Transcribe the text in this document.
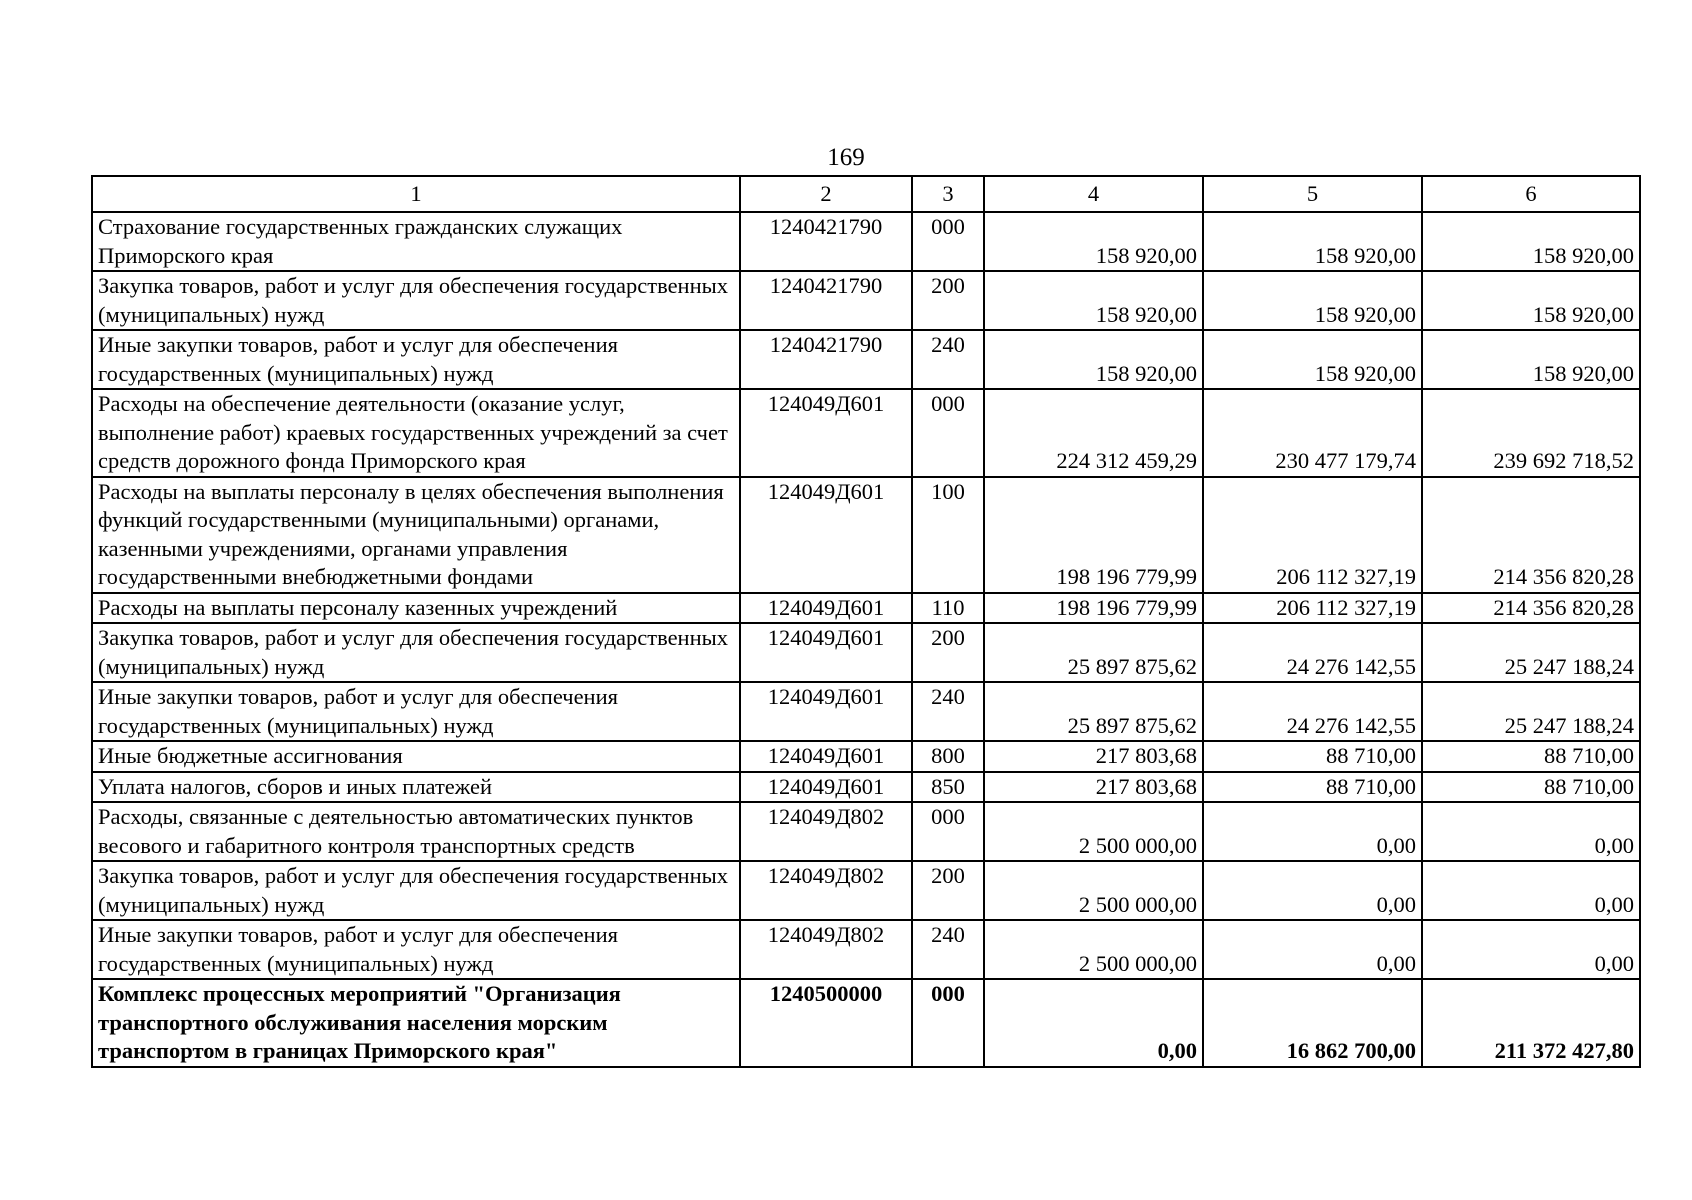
169
1	2	3	4	5	6
Страхование государственных гражданских служащих Приморского края	1240421790	000	158 920,00	158 920,00	158 920,00
Закупка товаров, работ и услуг для обеспечения государственных (муниципальных) нужд	1240421790	200	158 920,00	158 920,00	158 920,00
Иные закупки товаров, работ и услуг для обеспечения государственных (муниципальных) нужд	1240421790	240	158 920,00	158 920,00	158 920,00
Расходы на обеспечение деятельности (оказание услуг, выполнение работ) краевых государственных учреждений за счет средств дорожного фонда Приморского края	124049Д601	000	224 312 459,29	230 477 179,74	239 692 718,52
Расходы на выплаты персоналу в целях обеспечения выполнения функций государственными (муниципальными) органами, казенными учреждениями, органами управления государственными внебюджетными фондами	124049Д601	100	198 196 779,99	206 112 327,19	214 356 820,28
Расходы на выплаты персоналу казенных учреждений	124049Д601	110	198 196 779,99	206 112 327,19	214 356 820,28
Закупка товаров, работ и услуг для обеспечения государственных (муниципальных) нужд	124049Д601	200	25 897 875,62	24 276 142,55	25 247 188,24
Иные закупки товаров, работ и услуг для обеспечения государственных (муниципальных) нужд	124049Д601	240	25 897 875,62	24 276 142,55	25 247 188,24
Иные бюджетные ассигнования	124049Д601	800	217 803,68	88 710,00	88 710,00
Уплата налогов, сборов и иных платежей	124049Д601	850	217 803,68	88 710,00	88 710,00
Расходы, связанные с деятельностью автоматических пунктов весового и габаритного контроля транспортных средств	124049Д802	000	2 500 000,00	0,00	0,00
Закупка товаров, работ и услуг для обеспечения государственных (муниципальных) нужд	124049Д802	200	2 500 000,00	0,00	0,00
Иные закупки товаров, работ и услуг для обеспечения государственных (муниципальных) нужд	124049Д802	240	2 500 000,00	0,00	0,00
Комплекс процессных мероприятий "Организация транспортного обслуживания населения морским транспортом в границах Приморского края"	1240500000	000	0,00	16 862 700,00	211 372 427,80
